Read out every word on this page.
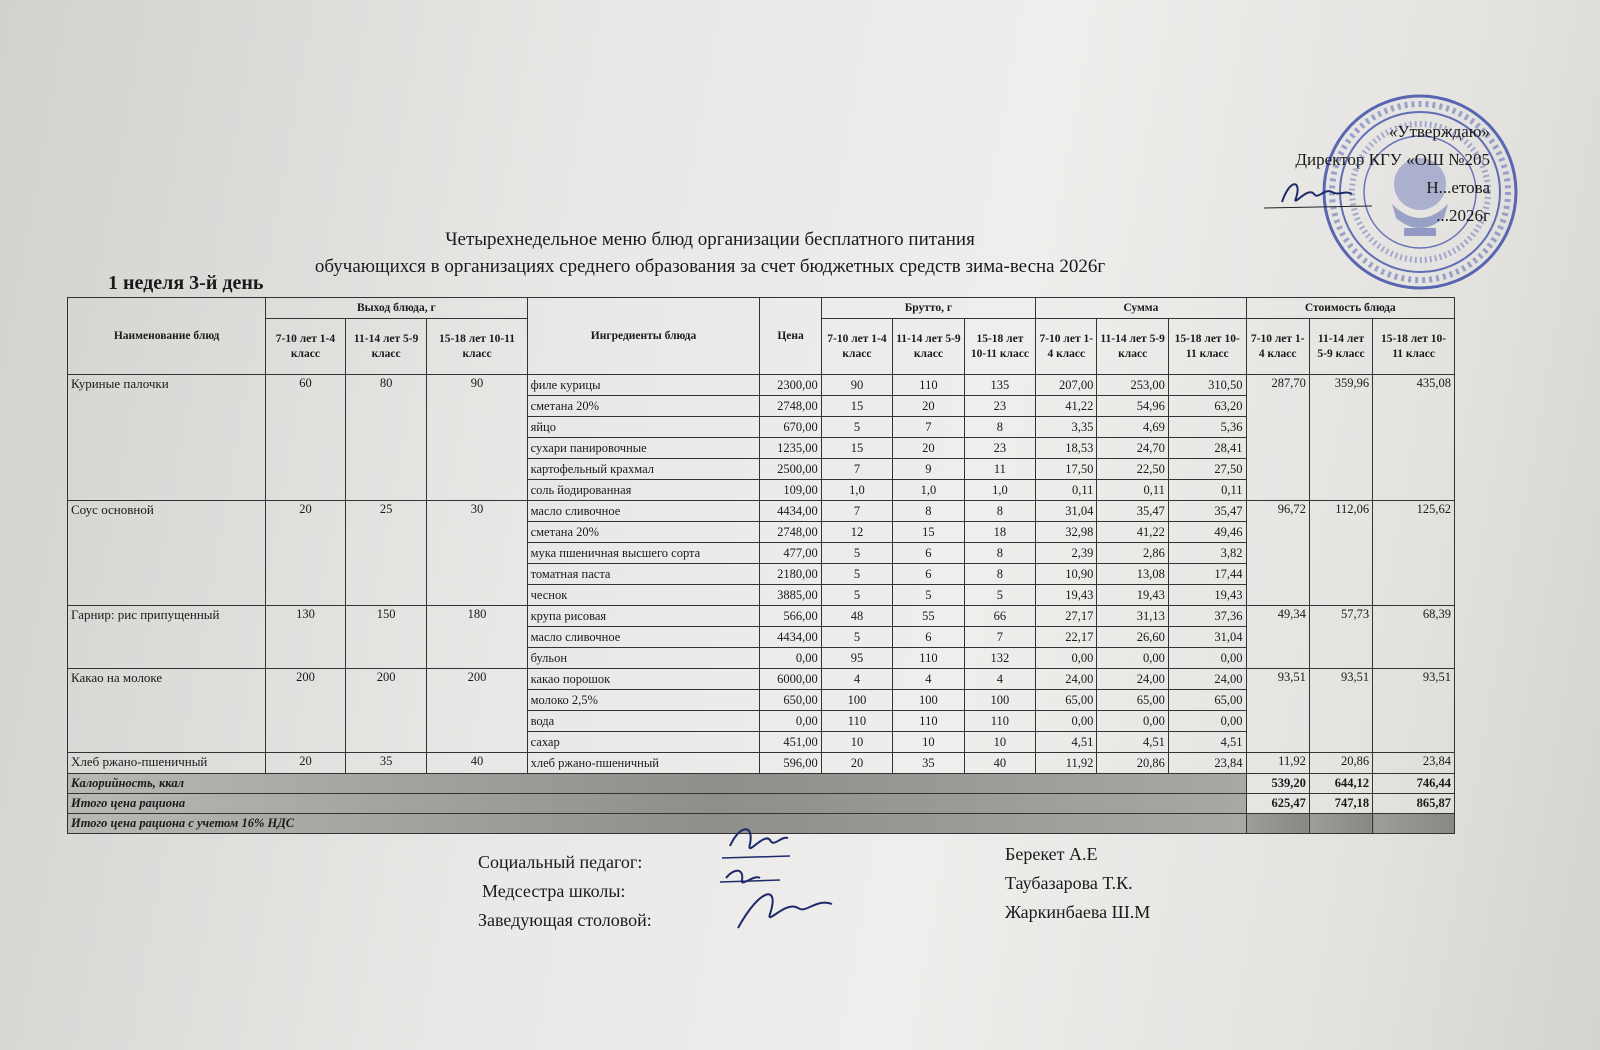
«Утверждаю»
Директор КГУ «ОШ №205
Н...етова
...2026г
Четырехнедельное меню блюд организации бесплатного питания
обучающихся в организациях среднего образования за счет бюджетных средств зима-весна 2026г
1 неделя 3-й день
Наименование блюд	Выход блюда, г			Ингредиенты блюда	Цена	Брутто, г			Сумма			Стоимость блюда		
	7-10 лет 1-4 класс	11-14 лет 5-9 класс	15-18 лет 10-11 класс			7-10 лет 1-4 класс	11-14 лет 5-9 класс	15-18 лет 10-11 класс	7-10 лет 1-4 класс	11-14 лет 5-9 класс	15-18 лет 10-11 класс	7-10 лет 1-4 класс	11-14 лет 5-9 класс	15-18 лет 10-11 класс
Куриные палочки	60	80	90	филе курицы	2300,00	90	110	135	207,00	253,00	310,50	287,70	359,96	435,08
				сметана 20%	2748,00	15	20	23	41,22	54,96	63,20			
				яйцо	670,00	5	7	8	3,35	4,69	5,36			
				сухари панировочные	1235,00	15	20	23	18,53	24,70	28,41			
				картофельный крахмал	2500,00	7	9	11	17,50	22,50	27,50			
				соль йодированная	109,00	1,0	1,0	1,0	0,11	0,11	0,11			
Соус основной	20	25	30	масло сливочное	4434,00	7	8	8	31,04	35,47	35,47	96,72	112,06	125,62
				сметана 20%	2748,00	12	15	18	32,98	41,22	49,46			
				мука пшеничная высшего сорта	477,00	5	6	8	2,39	2,86	3,82			
				томатная паста	2180,00	5	6	8	10,90	13,08	17,44			
				чеснок	3885,00	5	5	5	19,43	19,43	19,43			
Гарнир: рис припущенный	130	150	180	крупа рисовая	566,00	48	55	66	27,17	31,13	37,36	49,34	57,73	68,39
				масло сливочное	4434,00	5	6	7	22,17	26,60	31,04			
				бульон	0,00	95	110	132	0,00	0,00	0,00			
Какао на молоке	200	200	200	какао порошок	6000,00	4	4	4	24,00	24,00	24,00	93,51	93,51	93,51
				молоко 2,5%	650,00	100	100	100	65,00	65,00	65,00			
				вода	0,00	110	110	110	0,00	0,00	0,00			
				сахар	451,00	10	10	10	4,51	4,51	4,51			
Хлеб ржано-пшеничный	20	35	40	хлеб ржано-пшеничный	596,00	20	35	40	11,92	20,86	23,84	11,92	20,86	23,84
Калорийность, ккал												539,20	644,12	746,44
Итого цена рациона												625,47	747,18	865,87
Итого цена рациона с учетом 16% НДС														
Социальный педагог:
Медсестра школы:
Заведующая столовой:
Берекет А.Е
Таубазарова Т.К.
Жаркинбаева Ш.М
